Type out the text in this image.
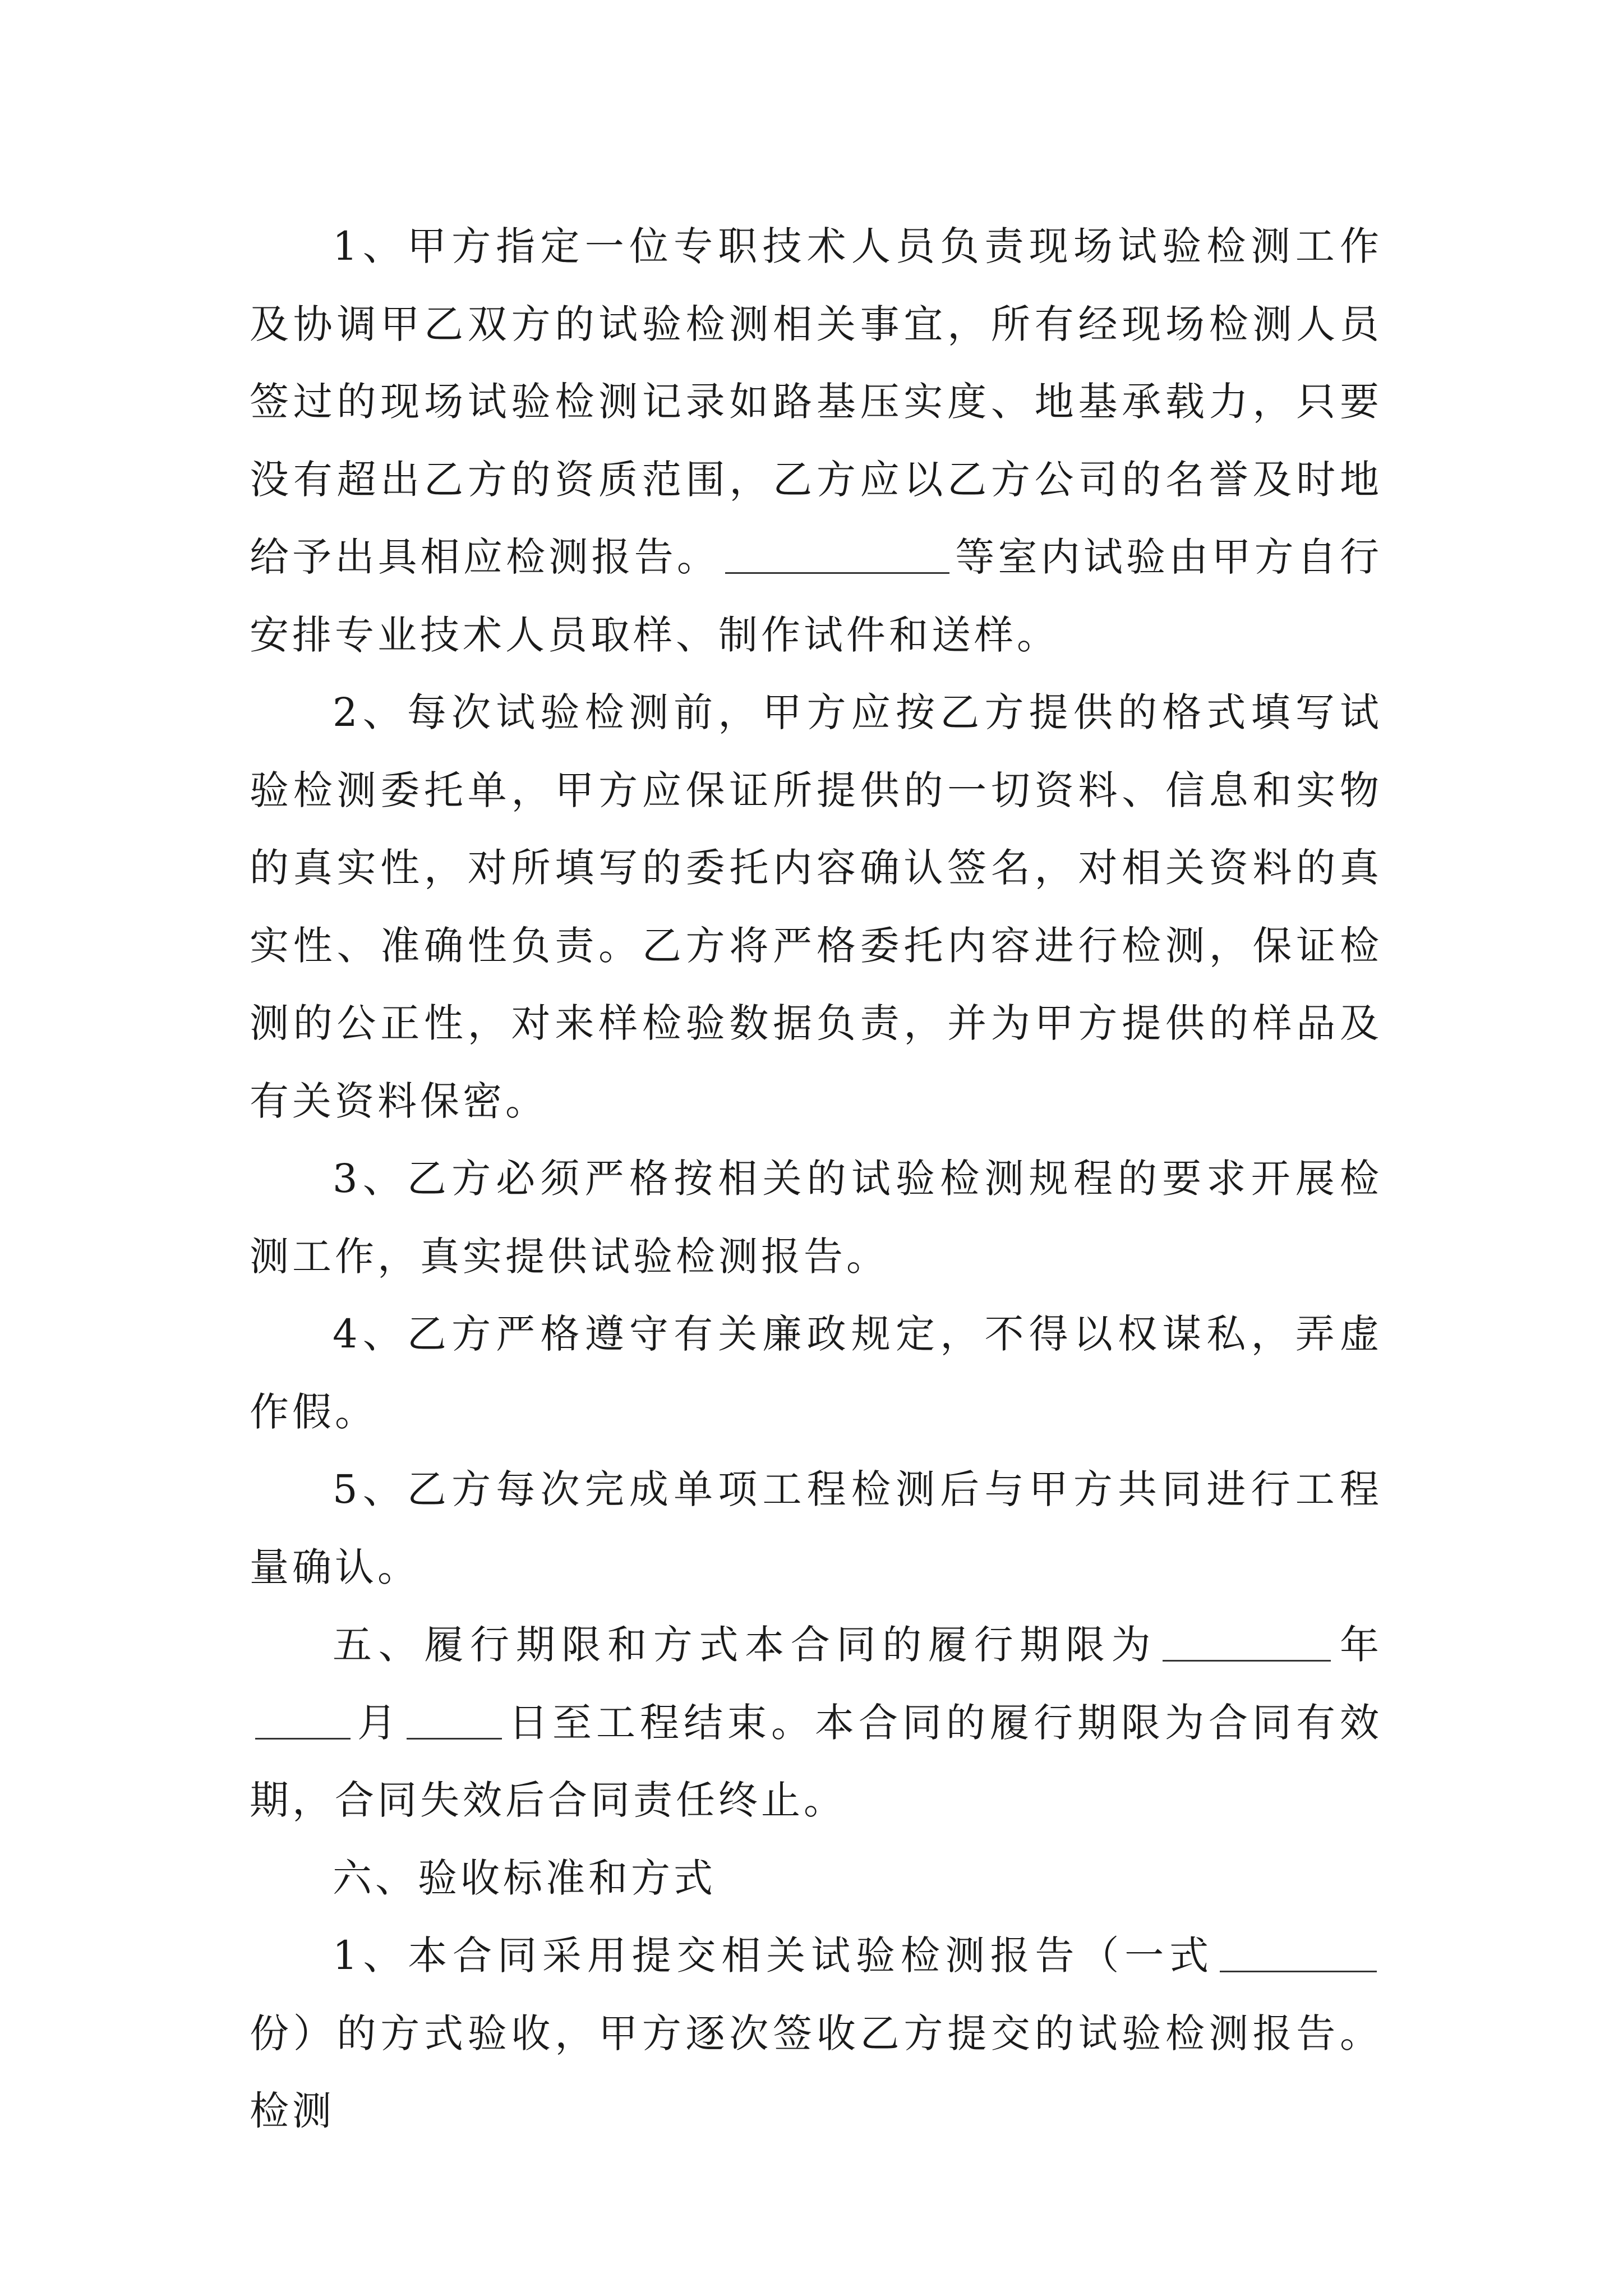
1、甲方指定一位专职技术人员负责现场试验检测工作及协调甲乙双方的试验检测相关事宜，所有经现场检测人员签过的现场试验检测记录如路基压实度、地基承载力，只要没有超出乙方的资质范围，乙方应以乙方公司的名誉及时地给予出具相应检测报告。	等室内试验由甲方自行安排专业技术人员取样、制作试件和送样。

2、每次试验检测前，甲方应按乙方提供的格式填写试验检测委托单，甲方应保证所提供的一切资料、信息和实物的真实性，对所填写的委托内容确认签名，对相关资料的真实性、准确性负责。乙方将严格委托内容进行检测，保证检测的公正性，对来样检验数据负责，并为甲方提供的样品及有关资料保密。

3、乙方必须严格按相关的试验检测规程的要求开展检测工作，真实提供试验检测报告。

4、乙方严格遵守有关廉政规定，不得以权谋私，弄虚作假。

5、乙方每次完成单项工程检测后与甲方共同进行工程量确认。

五、履行期限和方式本合同的履行期限为	年月	日至工程结束。本合同的履行期限为合同有效期，合同失效后合同责任终止。

六、验收标准和方式

1、本合同采用提交相关试验检测报告（一式份）的方式验收，甲方逐次签收乙方提交的试验检测报告。检测
